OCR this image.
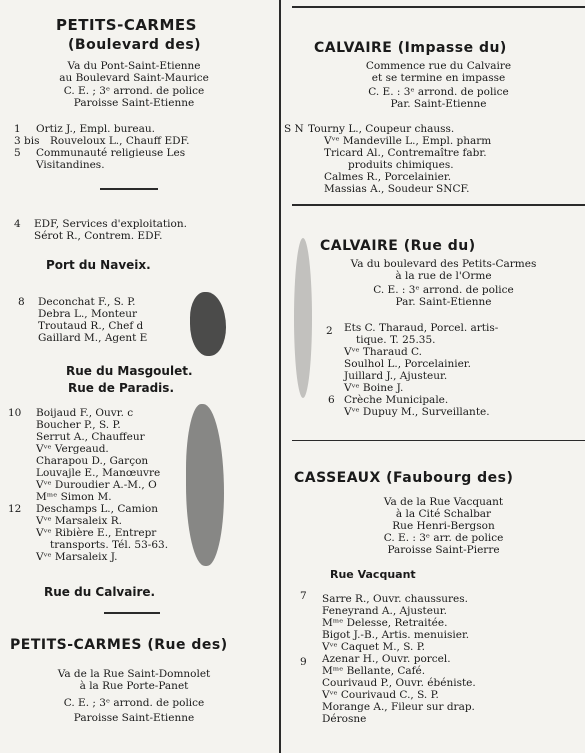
PETITS-CARMES
(Boulevard des)
Va du Pont-Saint-Etienne
au Boulevard Saint-Maurice
C. E. ; 3ᵉ arrond. de police
Paroisse Saint-Etienne
1 Ortiz J., Empl. bureau.
3 bis Rouveloux L., Chauff EDF.
5 Communauté religieuse Les
Visitandines.
4 EDF, Services d'exploitation.
Sérot R., Contrem. EDF.
Port du Naveix.
8 Deconchat F., S. P.
Debra L., Monteur
Troutaud R., Chef d
Gaillard M., Agent E
Rue du Masgoulet.
Rue de Paradis.
10 Boijaud F., Ouvr. c
Boucher P., S. P.
Serrut A., Chauffeur
Vᵛᵉ Vergeaud.
Charapou D., Garçon
Louvajle E., Manœuvre
Vᵛᵉ Duroudier A.-M., O
Mᵐᵉ Simon M.
12 Deschamps L., Camion
Vᵛᵉ Marsaleix R.
Vᵛᵉ Ribière E., Entrepr
transports. Tél. 53-63.
Vᵛᵉ Marsaleix J.
Rue du Calvaire.
PETITS-CARMES (Rue des)
Va de la Rue Saint-Domnolet
à la Rue Porte-Panet
C. E. ; 3ᵉ arrond. de police
Paroisse Saint-Etienne
CALVAIRE (Impasse du)
Commence rue du Calvaire
et se termine en impasse
C. E. : 3ᵉ arrond. de police
Par. Saint-Etienne
S N Tourny L., Coupeur chauss.
Vᵛᵉ Mandeville L., Empl. pharm
Tricard Al., Contremaître fabr.
produits chimiques.
Calmes R., Porcelainier.
Massias A., Soudeur SNCF.
CALVAIRE (Rue du)
Va du boulevard des Petits-Carmes
à la rue de l'Orme
C. E. : 3ᵉ arrond. de police
Par. Saint-Etienne
2 Ets C. Tharaud, Porcel. artis-
tique. T. 25.35.
Vᵛᵉ Tharaud C.
Soulhol L., Porcelainier.
Juillard J., Ajusteur.
Vᵛᵉ Boine J.
6 Crèche Municipale.
Vᵛᵉ Dupuy M., Surveillante.
CASSEAUX (Faubourg des)
Va de la Rue Vacquant
à la Cité Schalbar
Rue Henri-Bergson
C. E. : 3ᵉ arr. de police
Paroisse Saint-Pierre
Rue Vacquant
7 Sarre R., Ouvr. chaussures.
Feneyrand A., Ajusteur.
Mᵐᵉ Delesse, Retraitée.
Bigot J.-B., Artis. menuisier.
Vᵛᵉ Caquet M., S. P.
9 Azenar H., Ouvr. porcel.
Mᵐᵉ Bellante, Café.
Courivaud P., Ouvr. ébéniste.
Vᵛᵉ Courivaud C., S. P.
Morange A., Fileur sur drap.
Dérosne
